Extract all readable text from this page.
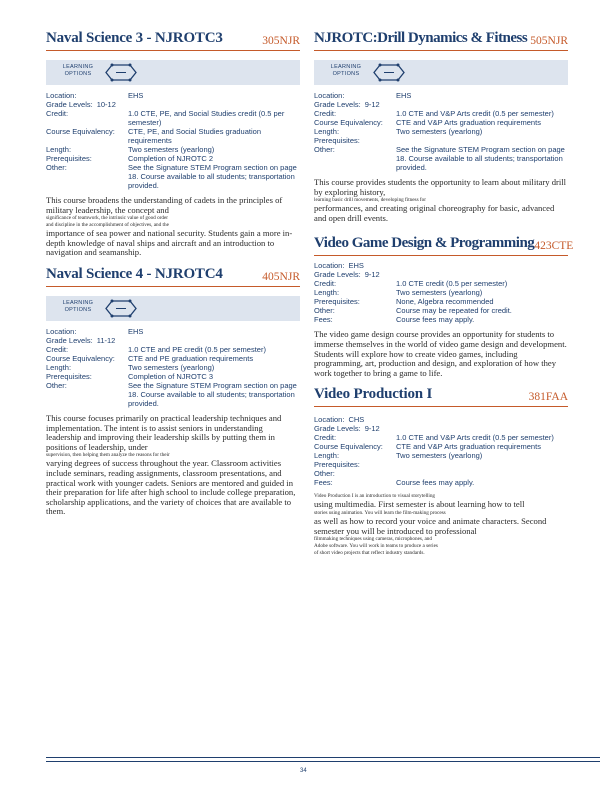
Naval Science 3 - NJROTC3	305NJR
LEARNING OPTIONS
Location:	EHS
Grade Levels: 10-12
Credit:	1.0 CTE, PE, and Social Studies credit (0.5 per semester)
Course Equivalency:	CTE, PE, and Social Studies graduation requirements
Length:	Two semesters (yearlong)
Prerequisites:	Completion of NJROTC 2
Other:	See the Signature STEM Program section on page 18. Course available to all students; transportation provided.
This course broadens the understanding of cadets in the principles of military leadership, the concept and
significance of teamwork, the intrinsic value of good order
and discipline in the accomplishment of objectives, and the
importance of sea power and national security. Students gain a more in-depth knowledge of naval ships and aircraft and an introduction to navigation and seamanship.
Naval Science 4 - NJROTC4	405NJR
LEARNING OPTIONS
Location:	EHS
Grade Levels: 11-12
Credit:	1.0 CTE and PE credit (0.5 per semester)
Course Equivalency:	CTE and PE graduation requirements
Length:	Two semesters (yearlong)
Prerequisites:	Completion of NJROTC 3
Other:	See the Signature STEM Program section on page 18. Course available to all students; transportation provided.
This course focuses primarily on practical leadership techniques and implementation. The intent is to assist seniors in understanding leadership and improving their leadership skills by putting them in positions of leadership, under
supervision, then helping them analyze the reasons for their
varying degrees of success throughout the year. Classroom activities include seminars, reading assignments, classroom presentations, and practical work with younger cadets. Seniors are mentored and guided in their preparation for life after high school to include college preparation, scholarship applications, and the variety of choices that are available to them.
NJROTC:Drill Dynamics & Fitness 505NJR
LEARNING OPTIONS
Location:	EHS
Grade Levels: 9-12
Credit:	1.0 CTE and V&P Arts credit (0.5 per semester)
Course Equivalency:	CTE and V&P Arts graduation requirements
Length:	Two semesters (yearlong)
Prerequisites:
Other:	See the Signature STEM Program section on page 18. Course available to all students; transportation provided.
This course provides students the opportunity to learn about military drill by exploring history,
learning basic drill movements, developing fitness for
performances, and creating original choreography for basic, advanced and open drill events.
Video Game Design & Programming 423CTE
Location: EHS
Grade Levels: 9-12
Credit:	1.0 CTE credit (0.5 per semester)
Length:	Two semesters (yearlong)
Prerequisites:	None, Algebra recommended
Other:	Course may be repeated for credit.
Fees:	Course fees may apply.
The video game design course provides an opportunity for students to immerse themselves in the world of video game design and development. Students will explore how to create video games, including programming, art, production and design, and exploration of how they work together to bring a game to life.
Video Production I	381FAA
Location: CHS
Grade Levels: 9-12
Credit:	1.0 CTE and V&P Arts credit (0.5 per semester)
Course Equivalency:	CTE and V&P Arts graduation requirements
Length:	Two semesters (yearlong)
Prerequisites:
Other:
Fees:	Course fees may apply.
Video Production I is an introduction to visual storytelling
using multimedia. First semester is about learning how to tell
stories using animation. You will learn the film-making process
as well as how to record your voice and animate characters. Second semester you will be introduced to professional
filmmaking techniques using cameras, microphones, and
Adobe software. You will work in teams to produce a series
of short video projects that reflect industry standards.
34
